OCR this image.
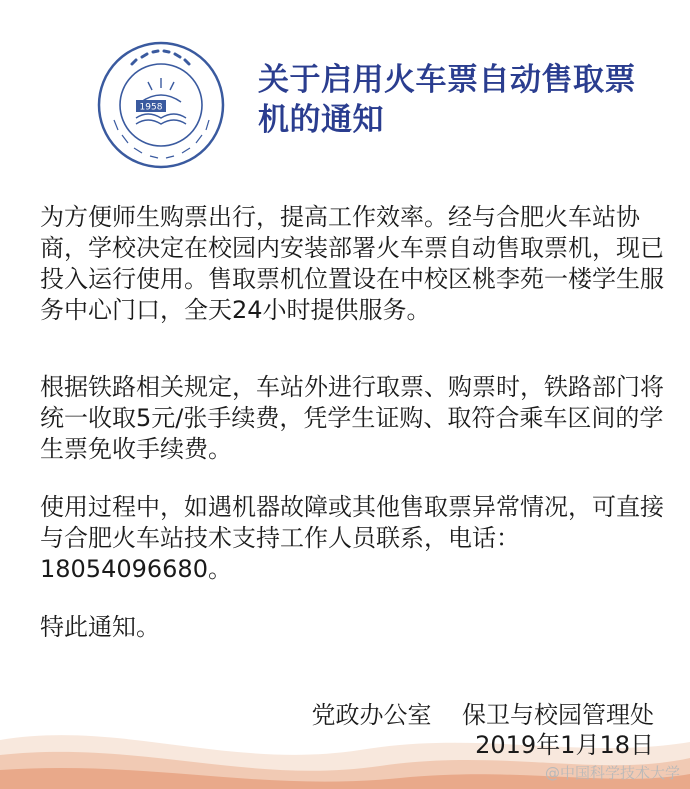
1958
关于启用火车票自动售取票机的通知
为方便师生购票出行，提高工作效率。经与合肥火车站协商，学校决定在校园内安装部署火车票自动售取票机，现已投入运行使用。售取票机位置设在中校区桃李苑一楼学生服务中心门口，全天24小时提供服务。
根据铁路相关规定，车站外进行取票、购票时，铁路部门将统一收取5元/张手续费，凭学生证购、取符合乘车区间的学生票免收手续费。
使用过程中，如遇机器故障或其他售取票异常情况，可直接与合肥火车站技术支持工作人员联系，电话：18054096680。
特此通知。
党政办公室    保卫与校园管理处
2019年1月18日
@中国科学技术大学
